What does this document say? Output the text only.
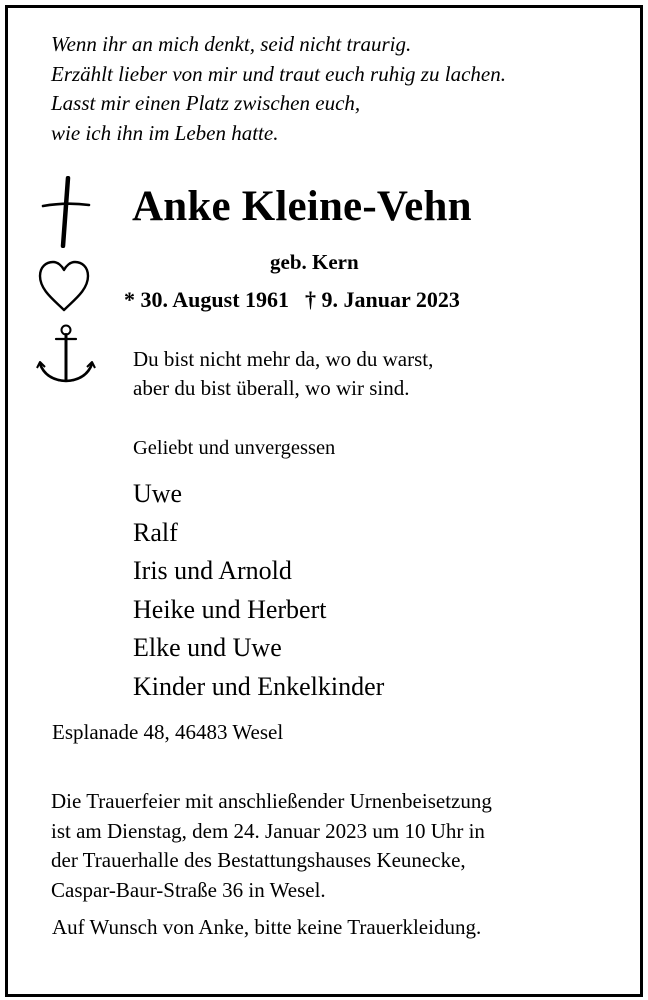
Wenn ihr an mich denkt, seid nicht traurig.
Erzählt lieber von mir und traut euch ruhig zu lachen.
Lasst mir einen Platz zwischen euch,
wie ich ihn im Leben hatte.
Anke Kleine-Vehn
geb. Kern
* 30. August 1961 † 9. Januar 2023
Du bist nicht mehr da, wo du warst,
aber du bist überall, wo wir sind.
Geliebt und unvergessen
Uwe
Ralf
Iris und Arnold
Heike und Herbert
Elke und Uwe
Kinder und Enkelkinder
Esplanade 48, 46483 Wesel
Die Trauerfeier mit anschließender Urnenbeisetzung
ist am Dienstag, dem 24. Januar 2023 um 10 Uhr in
der Trauerhalle des Bestattungshauses Keunecke,
Caspar-Baur-Straße 36 in Wesel.
Auf Wunsch von Anke, bitte keine Trauerkleidung.
